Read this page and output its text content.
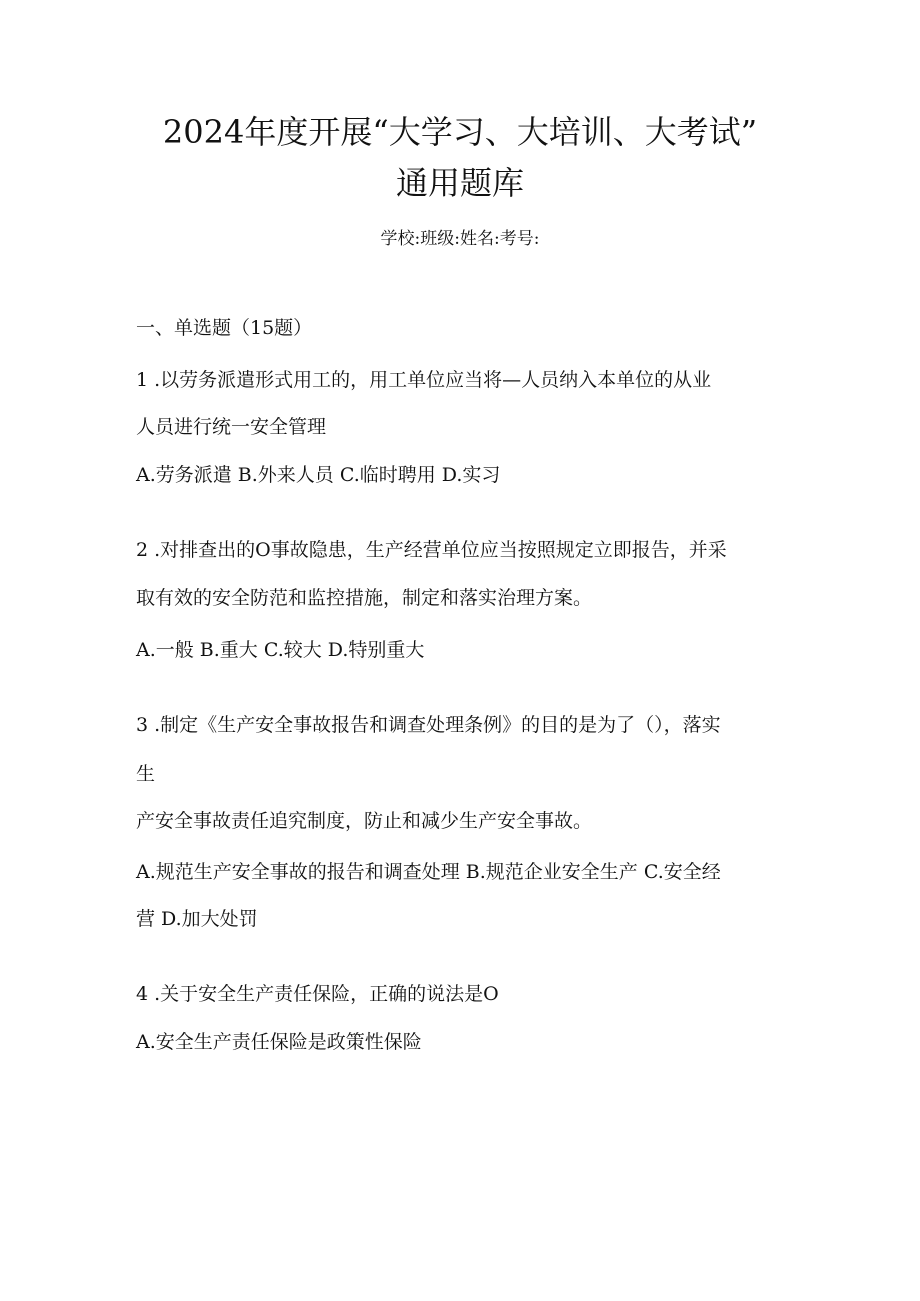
2024年度开展“大学习、大培训、大考试”
通用题库
学校:班级:姓名:考号:
一、单选题（15题）
1 .以劳务派遣形式用工的，用工单位应当将—人员纳入本单位的从业
人员进行统一安全管理
A.劳务派遣 B.外来人员 C.临时聘用 D.实习
2 .对排查出的O事故隐患，生产经营单位应当按照规定立即报告，并采
取有效的安全防范和监控措施，制定和落实治理方案。
A.一般 B.重大 C.较大 D.特别重大
3 .制定《生产安全事故报告和调查处理条例》的目的是为了（），落实
生
产安全事故责任追究制度，防止和减少生产安全事故。
A.规范生产安全事故的报告和调查处理 B.规范企业安全生产 C.安全经
营 D.加大处罚
4 .关于安全生产责任保险，正确的说法是O
A.安全生产责任保险是政策性保险
